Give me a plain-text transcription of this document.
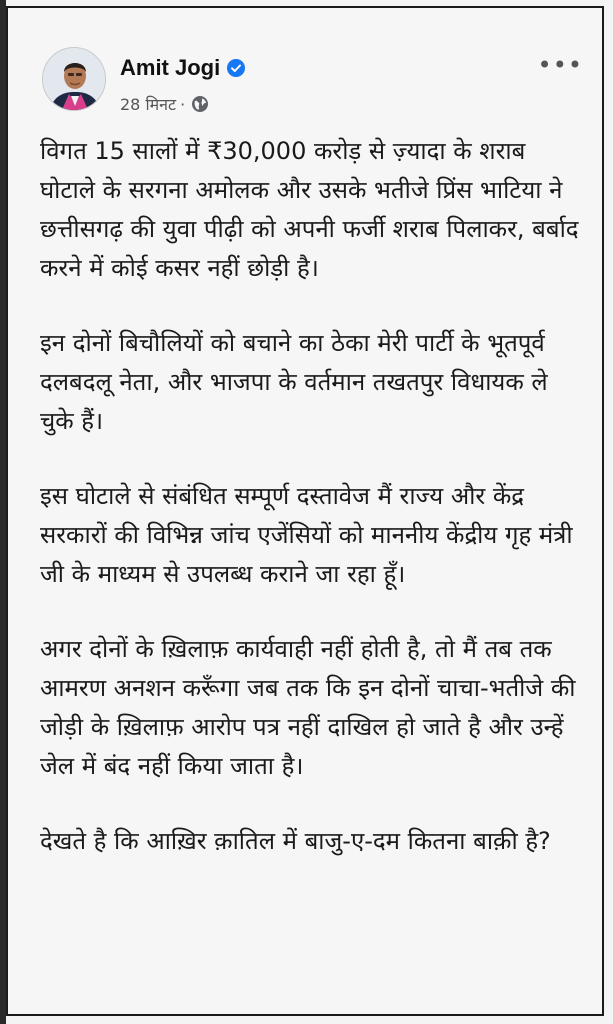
Amit Jogi
28 मिनट ·
•••

विगत 15 सालों में ₹30,000 करोड़ से ज़्यादा के शराब घोटाले के सरगना अमोलक और उसके भतीजे प्रिंस भाटिया ने छत्तीसगढ़ की युवा पीढ़ी को अपनी फर्जी शराब पिलाकर, बर्बाद करने में कोई कसर नहीं छोड़ी है।

इन दोनों बिचौलियों को बचाने का ठेका मेरी पार्टी के भूतपूर्व दलबदलू नेता, और भाजपा के वर्तमान तखतपुर विधायक ले चुके हैं।

इस घोटाले से संबंधित सम्पूर्ण दस्तावेज मैं राज्य और केंद्र सरकारों की विभिन्न जांच एजेंसियों को माननीय केंद्रीय गृह मंत्री जी के माध्यम से उपलब्ध कराने जा रहा हूँ।

अगर दोनों के ख़िलाफ़ कार्यवाही नहीं होती है, तो मैं तब तक आमरण अनशन करूँगा जब तक कि इन दोनों चाचा-भतीजे की जोड़ी के ख़िलाफ़ आरोप पत्र नहीं दाखिल हो जाते है और उन्हें जेल में बंद नहीं किया जाता है।

देखते है कि आख़िर क़ातिल में बाजु-ए-दम कितना बाक़ी है?
